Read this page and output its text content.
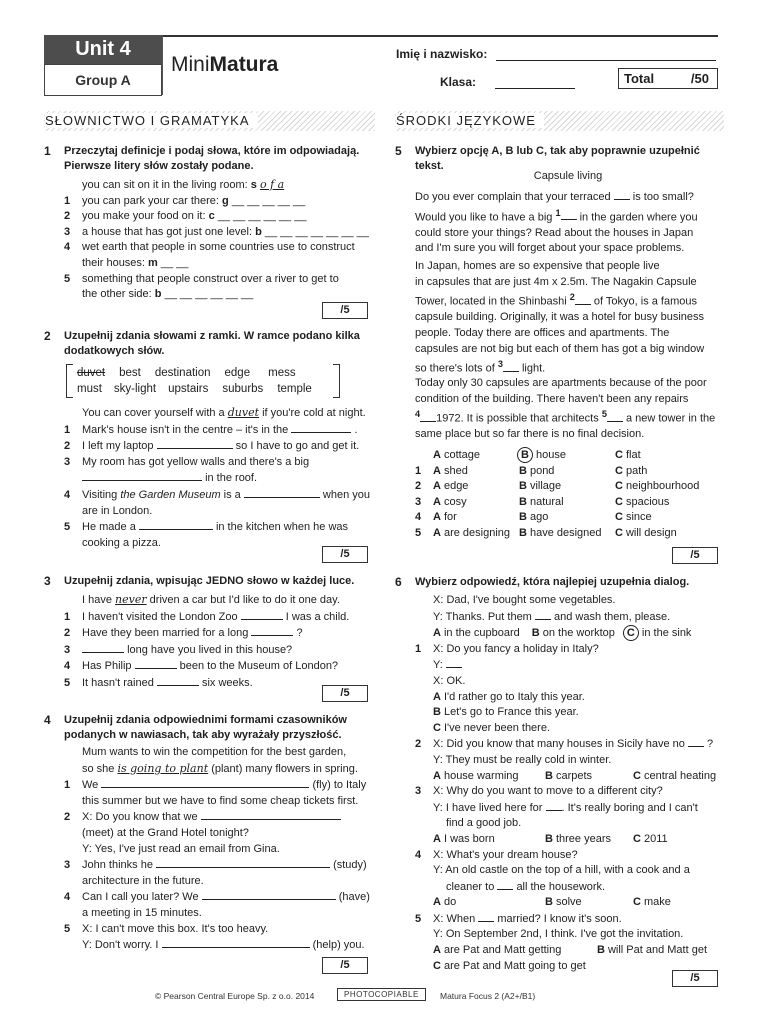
Unit 4
Group A
MiniMatura	Imię i nazwisko:
Klasa:	Total	/50
SŁOWNICTWO I GRAMATYKA
1 Przeczytaj definicje i podaj słowa, które im odpowiadają.
Pierwsze litery słów zostały podane.
you can sit on it in the living room: s o f a
1 you can park your car there: g __ __ __ __ __
2 you make your food on it: c __ __ __ __ __ __
3 a house that has got just one level: b __ __ __ __ __ __ __
4 wet earth that people in some countries use to construct
their houses: m __ __
5 something that people construct over a river to get to
the other side: b __ __ __ __ __ __
/5
2 Uzupełnij zdania słowami z ramki. W ramce podano kilka
dodatkowych słów.
duvet best destination edge mess
must sky-light upstairs suburbs temple
You can cover yourself with a duvet if you're cold at night.
1 Mark's house isn't in the centre – it's in the	.
2 I left my laptop	so I have to go and get it.
3 My room has got yellow walls and there's a big
in the roof.
4 Visiting the Garden Museum is a	when you
are in London.
5 He made a	in the kitchen when he was
cooking a pizza.
/5
3 Uzupełnij zdania, wpisując JEDNO słowo w każdej luce.
I have never driven a car but I'd like to do it one day.
1 I haven't visited the London Zoo	I was a child.
2 Have they been married for a long	?
3	long have you lived in this house?
4 Has Philip	been to the Museum of London?
5 It hasn't rained	six weeks.
/5
4 Uzupełnij zdania odpowiednimi formami czasowników
podanych w nawiasach, tak aby wyrażały przyszłość.
Mum wants to win the competition for the best garden,
so she is going to plant (plant) many flowers in spring.
1 We	(fly) to Italy
this summer but we have to find some cheap tickets first.
2 X: Do you know that we
(meet) at the Grand Hotel tonight?
Y: Yes, I've just read an email from Gina.
3 John thinks he	(study)
architecture in the future.
4 Can I call you later? We	(have)
a meeting in 15 minutes.
5 X: I can't move this box. It's too heavy.
Y: Don't worry. I	(help) you.
/5
ŚRODKI JĘZYKOWE
5 Wybierz opcję A, B lub C, tak aby poprawnie uzupełnić
tekst.
Capsule living

Do you ever complain that your terraced is too small?

Would you like to have a big $^1$ in the garden where you

could store your things? Read about the houses in Japan

and I'm sure you will forget about your space problems.

In Japan, homes are so expensive that people live

in capsules that are just 4m x 2.5m. The Nagakin Capsule

Tower, located in the Shinbashi $^2$ of Tokyo, is a famous

capsule building. Originally, it was a hotel for busy business

people. Today there are offices and apartments. The

capsules are not big but each of them has got a big window

so there's lots of $^3$ light.

Today only 30 capsules are apartments because of the poor

condition of the building. There haven't been any repairs

$^4$ 1972. It is possible that architects $^5$ a new tower in the

same place but so far there is no final decision.

A cottage	B house	C flat
1 A shed	B pond	C path
2 A edge	B village	C neighbourhood
3 A cosy	B natural	C spacious
4 A for	B ago	C since
5 A are designing B have designed C will design
/5
6 Wybierz odpowiedź, która najlepiej uzupełnia dialog.
X: Dad, I've bought some vegetables.
Y: Thanks. Put them and wash them, please.
A in the cupboard B on the worktop C in the sink
1 X: Do you fancy a holiday in Italy?
Y:
X: OK.
A I'd rather go to Italy this year.
B Let's go to France this year.
C I've never been there.
2 X: Did you know that many houses in Sicily have no ?
Y: They must be really cold in winter.
A house warming B carpets	C central heating
3 X: Why do you want to move to a different city?
Y: I have lived here for . It's really boring and I can't
find a good job.
A I was born	B three years C 2011
4 X: What's your dream house?
Y: An old castle on the top of a hill, with a cook and a
cleaner to all the housework.
A do	B solve	C make
5 X: When married? I know it's soon.
Y: On September 2nd, I think. I've got the invitation.
A are Pat and Matt getting	B will Pat and Matt get
C are Pat and Matt going to get
/5
© Pearson Central Europe Sp. z o.o. 2014	PHOTOCOPIABLE	Matura Focus 2 (A2+/B1)
